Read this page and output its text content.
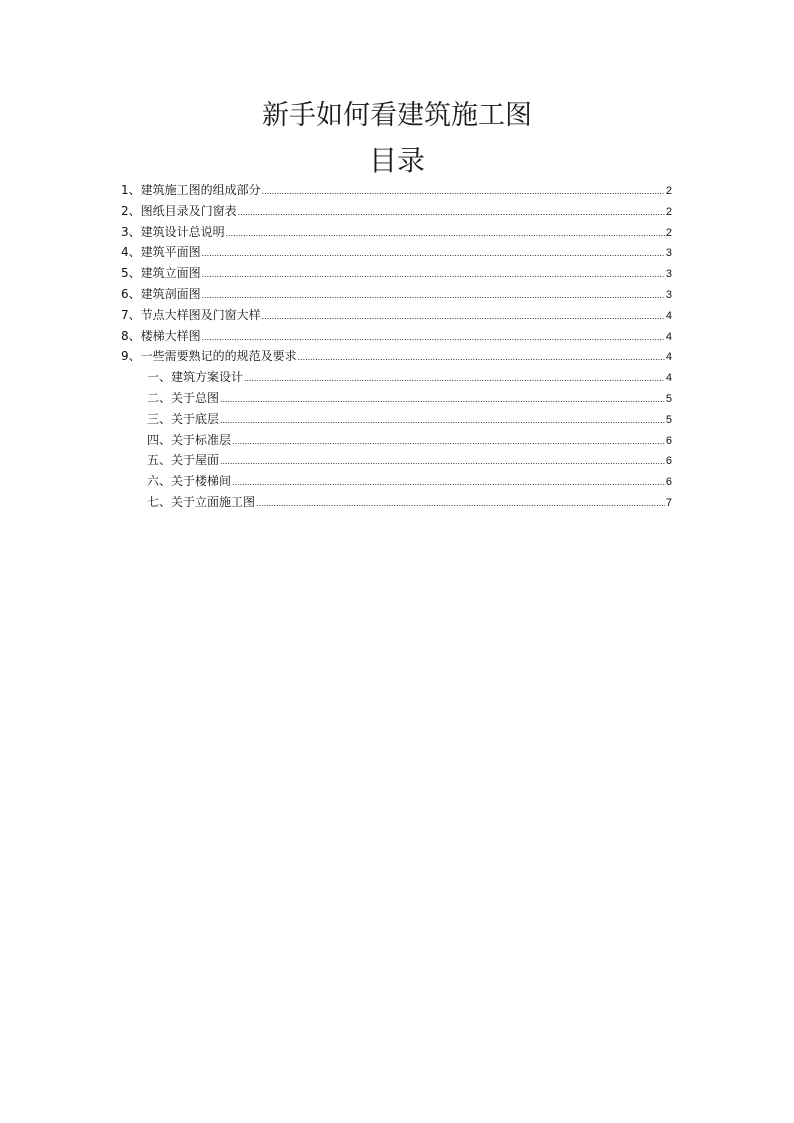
新手如何看建筑施工图
目录
1、建筑施工图的组成部分 .....	2
2、图纸目录及门窗表 .....	2
3、建筑设计总说明 .....	2
4、建筑平面图 .....	3
5、建筑立面图 .....	3
6、建筑剖面图 .....	3
7、节点大样图及门窗大样 .....	4
8、楼梯大样图 .....	4
9、一些需要熟记的的规范及要求 .....	4
一、建筑方案设计 .....	4
二、关于总图 .....	5
三、关于底层 .....	5
四、关于标准层 .....	6
五、关于屋面 .....	6
六、关于楼梯间 .....	6
七、关于立面施工图 .....	7
